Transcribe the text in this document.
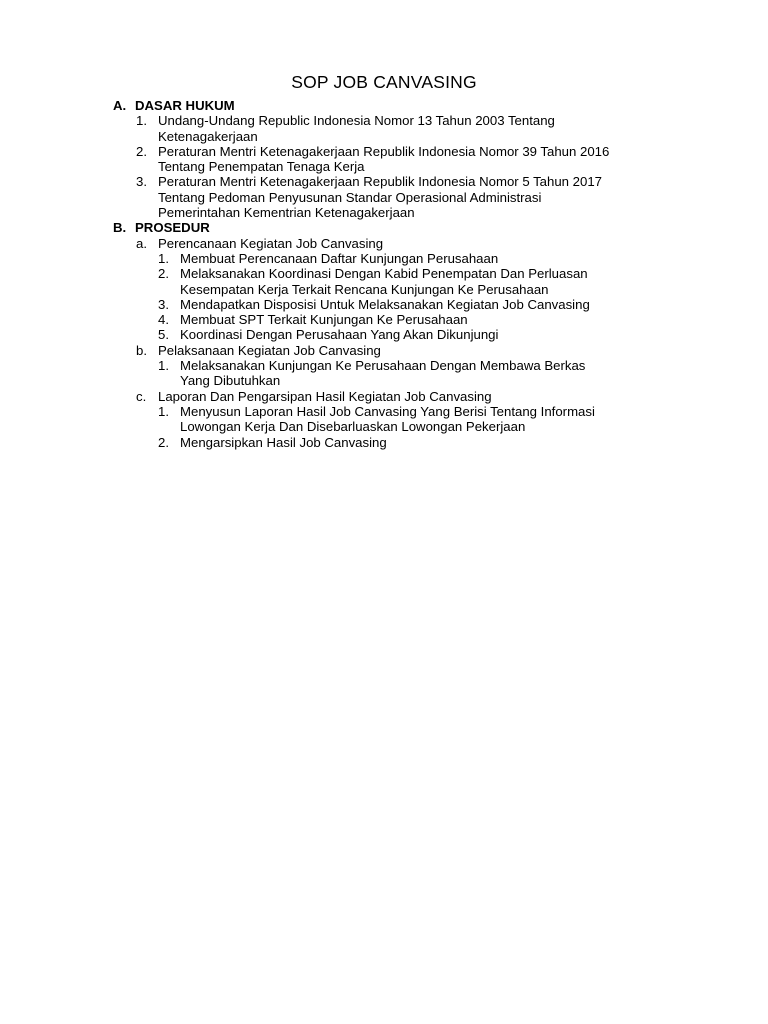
SOP JOB CANVASING
A. DASAR HUKUM
1. Undang-Undang Republic Indonesia Nomor 13 Tahun 2003 Tentang
Ketenagakerjaan
2. Peraturan Mentri Ketenagakerjaan Republik Indonesia Nomor 39 Tahun 2016
Tentang Penempatan Tenaga Kerja
3. Peraturan Mentri Ketenagakerjaan Republik Indonesia Nomor 5 Tahun 2017
Tentang Pedoman Penyusunan Standar Operasional Administrasi
Pemerintahan Kementrian Ketenagakerjaan
B. PROSEDUR
a. Perencanaan Kegiatan Job Canvasing
1. Membuat Perencanaan Daftar Kunjungan Perusahaan
2. Melaksanakan Koordinasi Dengan Kabid Penempatan Dan Perluasan
Kesempatan Kerja Terkait Rencana Kunjungan Ke Perusahaan
3. Mendapatkan Disposisi Untuk Melaksanakan Kegiatan Job Canvasing
4. Membuat SPT Terkait Kunjungan Ke Perusahaan
5. Koordinasi Dengan Perusahaan Yang Akan Dikunjungi
b. Pelaksanaan Kegiatan Job Canvasing
1. Melaksanakan Kunjungan Ke Perusahaan Dengan Membawa Berkas
Yang Dibutuhkan
c. Laporan Dan Pengarsipan Hasil Kegiatan Job Canvasing
1. Menyusun Laporan Hasil Job Canvasing Yang Berisi Tentang Informasi
Lowongan Kerja Dan Disebarluaskan Lowongan Pekerjaan
2. Mengarsipkan Hasil Job Canvasing
